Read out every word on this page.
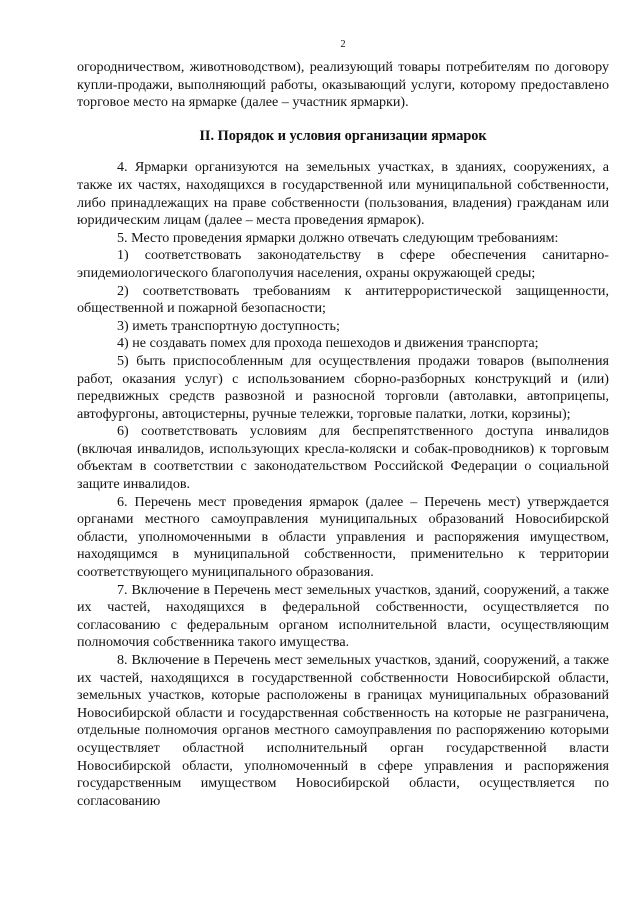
2

огородничеством, животноводством), реализующий товары потребителям по договору купли-продажи, выполняющий работы, оказывающий услуги, которому предоставлено торговое место на ярмарке (далее – участник ярмарки).

II. Порядок и условия организации ярмарок

4. Ярмарки организуются на земельных участках, в зданиях, сооружениях, а также их частях, находящихся в государственной или муниципальной собственности, либо принадлежащих на праве собственности (пользования, владения) гражданам или юридическим лицам (далее – места проведения ярмарок).

5. Место проведения ярмарки должно отвечать следующим требованиям:

1) соответствовать законодательству в сфере обеспечения санитарно-эпидемиологического благополучия населения, охраны окружающей среды;

2) соответствовать требованиям к антитеррористической защищенности, общественной и пожарной безопасности;

3) иметь транспортную доступность;

4) не создавать помех для прохода пешеходов и движения транспорта;

5) быть приспособленным для осуществления продажи товаров (выполнения работ, оказания услуг) с использованием сборно-разборных конструкций и (или) передвижных средств развозной и разносной торговли (автолавки, автоприцепы, автофургоны, автоцистерны, ручные тележки, торговые палатки, лотки, корзины);

6) соответствовать условиям для беспрепятственного доступа инвалидов (включая инвалидов, использующих кресла-коляски и собак-проводников) к торговым объектам в соответствии с законодательством Российской Федерации о социальной защите инвалидов.

6. Перечень мест проведения ярмарок (далее – Перечень мест) утверждается органами местного самоуправления муниципальных образований Новосибирской области, уполномоченными в области управления и распоряжения имуществом, находящимся в муниципальной собственности, применительно к территории соответствующего муниципального образования.

7. Включение в Перечень мест земельных участков, зданий, сооружений, а также их частей, находящихся в федеральной собственности, осуществляется по согласованию с федеральным органом исполнительной власти, осуществляющим полномочия собственника такого имущества.

8. Включение в Перечень мест земельных участков, зданий, сооружений, а также их частей, находящихся в государственной собственности Новосибирской области, земельных участков, которые расположены в границах муниципальных образований Новосибирской области и государственная собственность на которые не разграничена, отдельные полномочия органов местного самоуправления по распоряжению которыми осуществляет областной исполнительный орган государственной власти Новосибирской области, уполномоченный в сфере управления и распоряжения государственным имуществом Новосибирской области, осуществляется по согласованию
